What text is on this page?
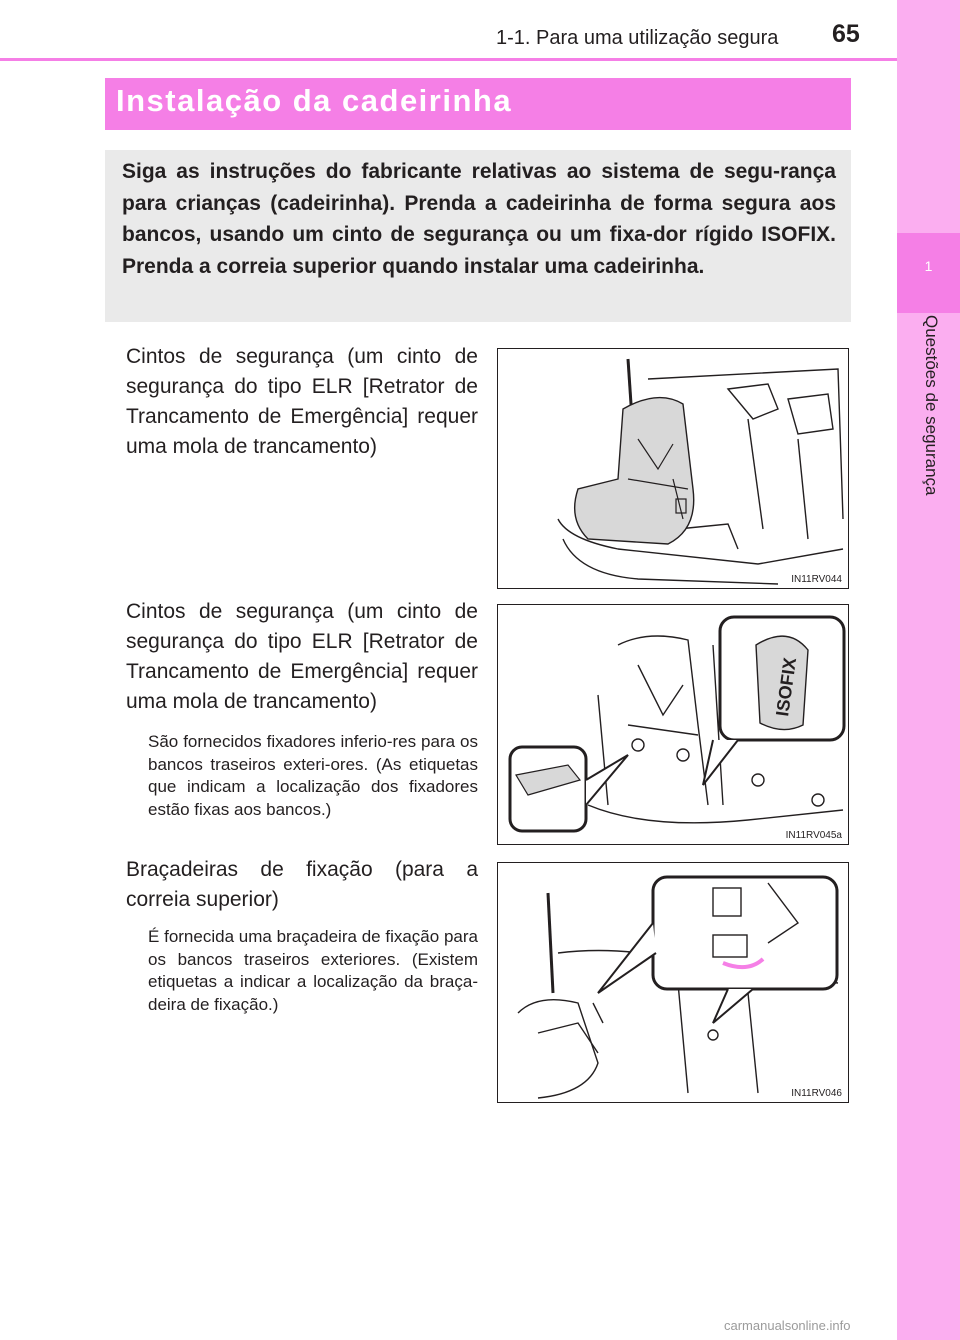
1-1. Para uma utilização segura 65
1
Questões de segurança
Instalação da cadeirinha
Siga as instruções do fabricante relativas ao sistema de segu-rança para crianças (cadeirinha). Prenda a cadeirinha de forma segura aos bancos, usando um cinto de segurança ou um fixa-dor rígido ISOFIX. Prenda a correia superior quando instalar uma cadeirinha.
Cintos de segurança (um cinto de segurança do tipo ELR [Retrator de Trancamento de Emergência] requer uma mola de trancamento)
IN11RV044
Cintos de segurança (um cinto de segurança do tipo ELR [Retrator de Trancamento de Emergência] requer uma mola de trancamento)
São fornecidos fixadores inferio-res para os bancos traseiros exteri-ores. (As etiquetas que indicam a localização dos fixadores estão fixas aos bancos.)
ISOFIX
IN11RV045a
Braçadeiras de fixação (para a correia superior)
É fornecida uma braçadeira de fixação para os bancos traseiros exteriores. (Existem etiquetas a indicar a localização da braça-deira de fixação.)
IN11RV046
carmanualsonline.info
